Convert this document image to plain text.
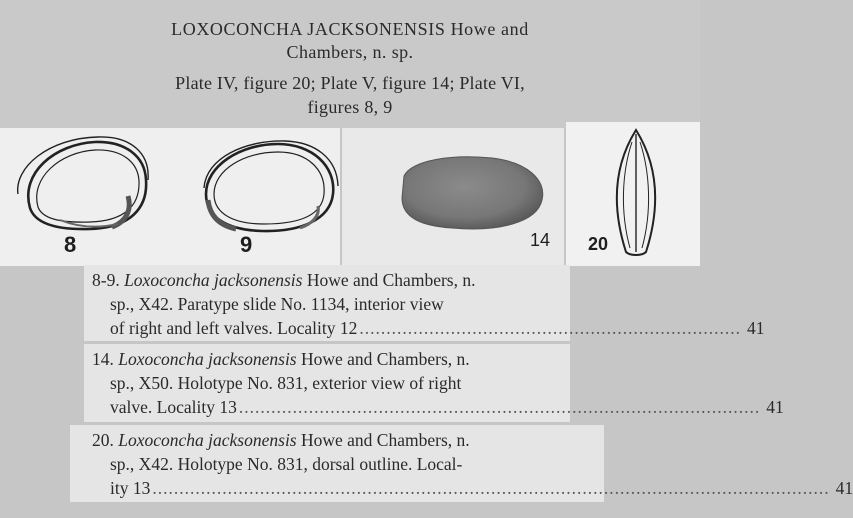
LOXOCONCHA JACKSONENSIS Howe and
Chambers, n. sp.
Plate IV, figure 20; Plate V, figure 14; Plate VI,
figures 8, 9
8	9	14 20
8-9.
Loxoconcha jacksonensis
Howe and Chambers, n.
sp., X42. Paratype slide No. 1134, interior view
of right and left valves. Locality 12 ....................................................................... 41
14.
Loxoconcha jacksonensis
Howe and Chambers, n.
sp., X50. Holotype No. 831, exterior view of right
valve. Locality 13 ................................................................................................. 41
20.
Loxoconcha jacksonensis
Howe and Chambers, n.
sp., X42. Holotype No. 831, dorsal outline. Local-
ity 13 .............................................................................................................................. 41
